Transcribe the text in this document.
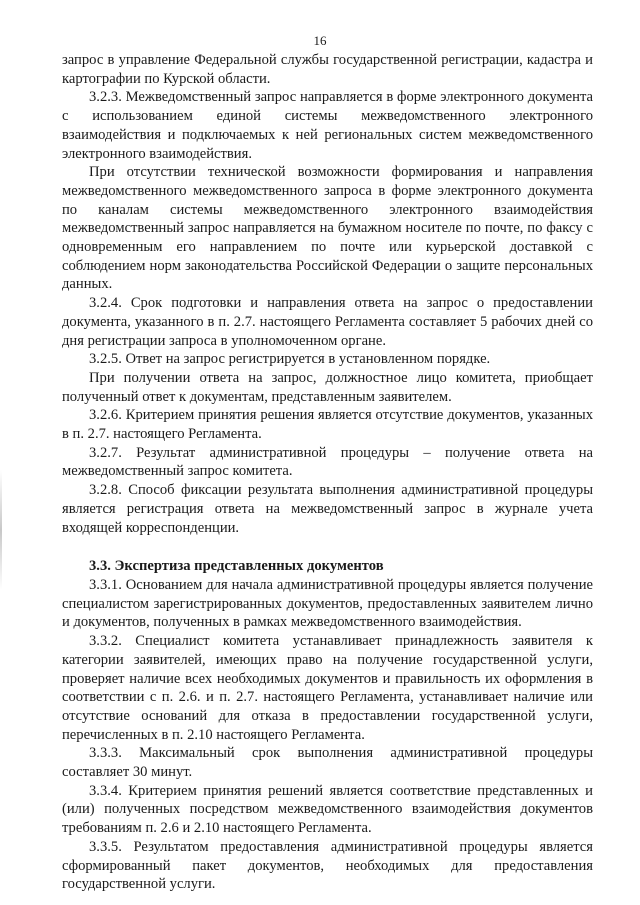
16

запрос в управление Федеральной службы государственной регистрации, кадастра и картографии по Курской области.

3.2.3. Межведомственный запрос направляется в форме электронного документа с использованием единой системы межведомственного электронного взаимодействия и подключаемых к ней региональных систем межведомственного электронного взаимодействия.

При отсутствии технической возможности формирования и направления межведомственного межведомственного запроса в форме электронного документа по каналам системы межведомственного электронного взаимодействия межведомственный запрос направляется на бумажном носителе по почте, по факсу с одновременным его направлением по почте или курьерской доставкой с соблюдением норм законодательства Российской Федерации о защите персональных данных.

3.2.4. Срок подготовки и направления ответа на запрос о предоставлении документа, указанного в п. 2.7. настоящего Регламента составляет 5 рабочих дней со дня регистрации запроса в уполномоченном органе.

3.2.5. Ответ на запрос регистрируется в установленном порядке.

При получении ответа на запрос, должностное лицо комитета, приобщает полученный ответ к документам, представленным заявителем.

3.2.6. Критерием принятия решения является отсутствие документов, указанных в п. 2.7. настоящего Регламента.

3.2.7. Результат административной процедуры – получение ответа на межведомственный запрос комитета.

3.2.8. Способ фиксации результата выполнения административной процедуры является регистрация ответа на межведомственный запрос в журнале учета входящей корреспонденции.

3.3. Экспертиза представленных документов

3.3.1. Основанием для начала административной процедуры является получение специалистом зарегистрированных документов, предоставленных заявителем лично и документов, полученных в рамках межведомственного взаимодействия.

3.3.2. Специалист комитета устанавливает принадлежность заявителя к категории заявителей, имеющих право на получение государственной услуги, проверяет наличие всех необходимых документов и правильность их оформления в соответствии с п. 2.6. и п. 2.7. настоящего Регламента, устанавливает наличие или отсутствие оснований для отказа в предоставлении государственной услуги, перечисленных в п. 2.10 настоящего Регламента.

3.3.3. Максимальный срок выполнения административной процедуры составляет 30 минут.

3.3.4. Критерием принятия решений является соответствие представленных и (или) полученных посредством межведомственного взаимодействия документов требованиям п. 2.6 и 2.10 настоящего Регламента.

3.3.5. Результатом предоставления административной процедуры является сформированный пакет документов, необходимых для предоставления государственной услуги.
